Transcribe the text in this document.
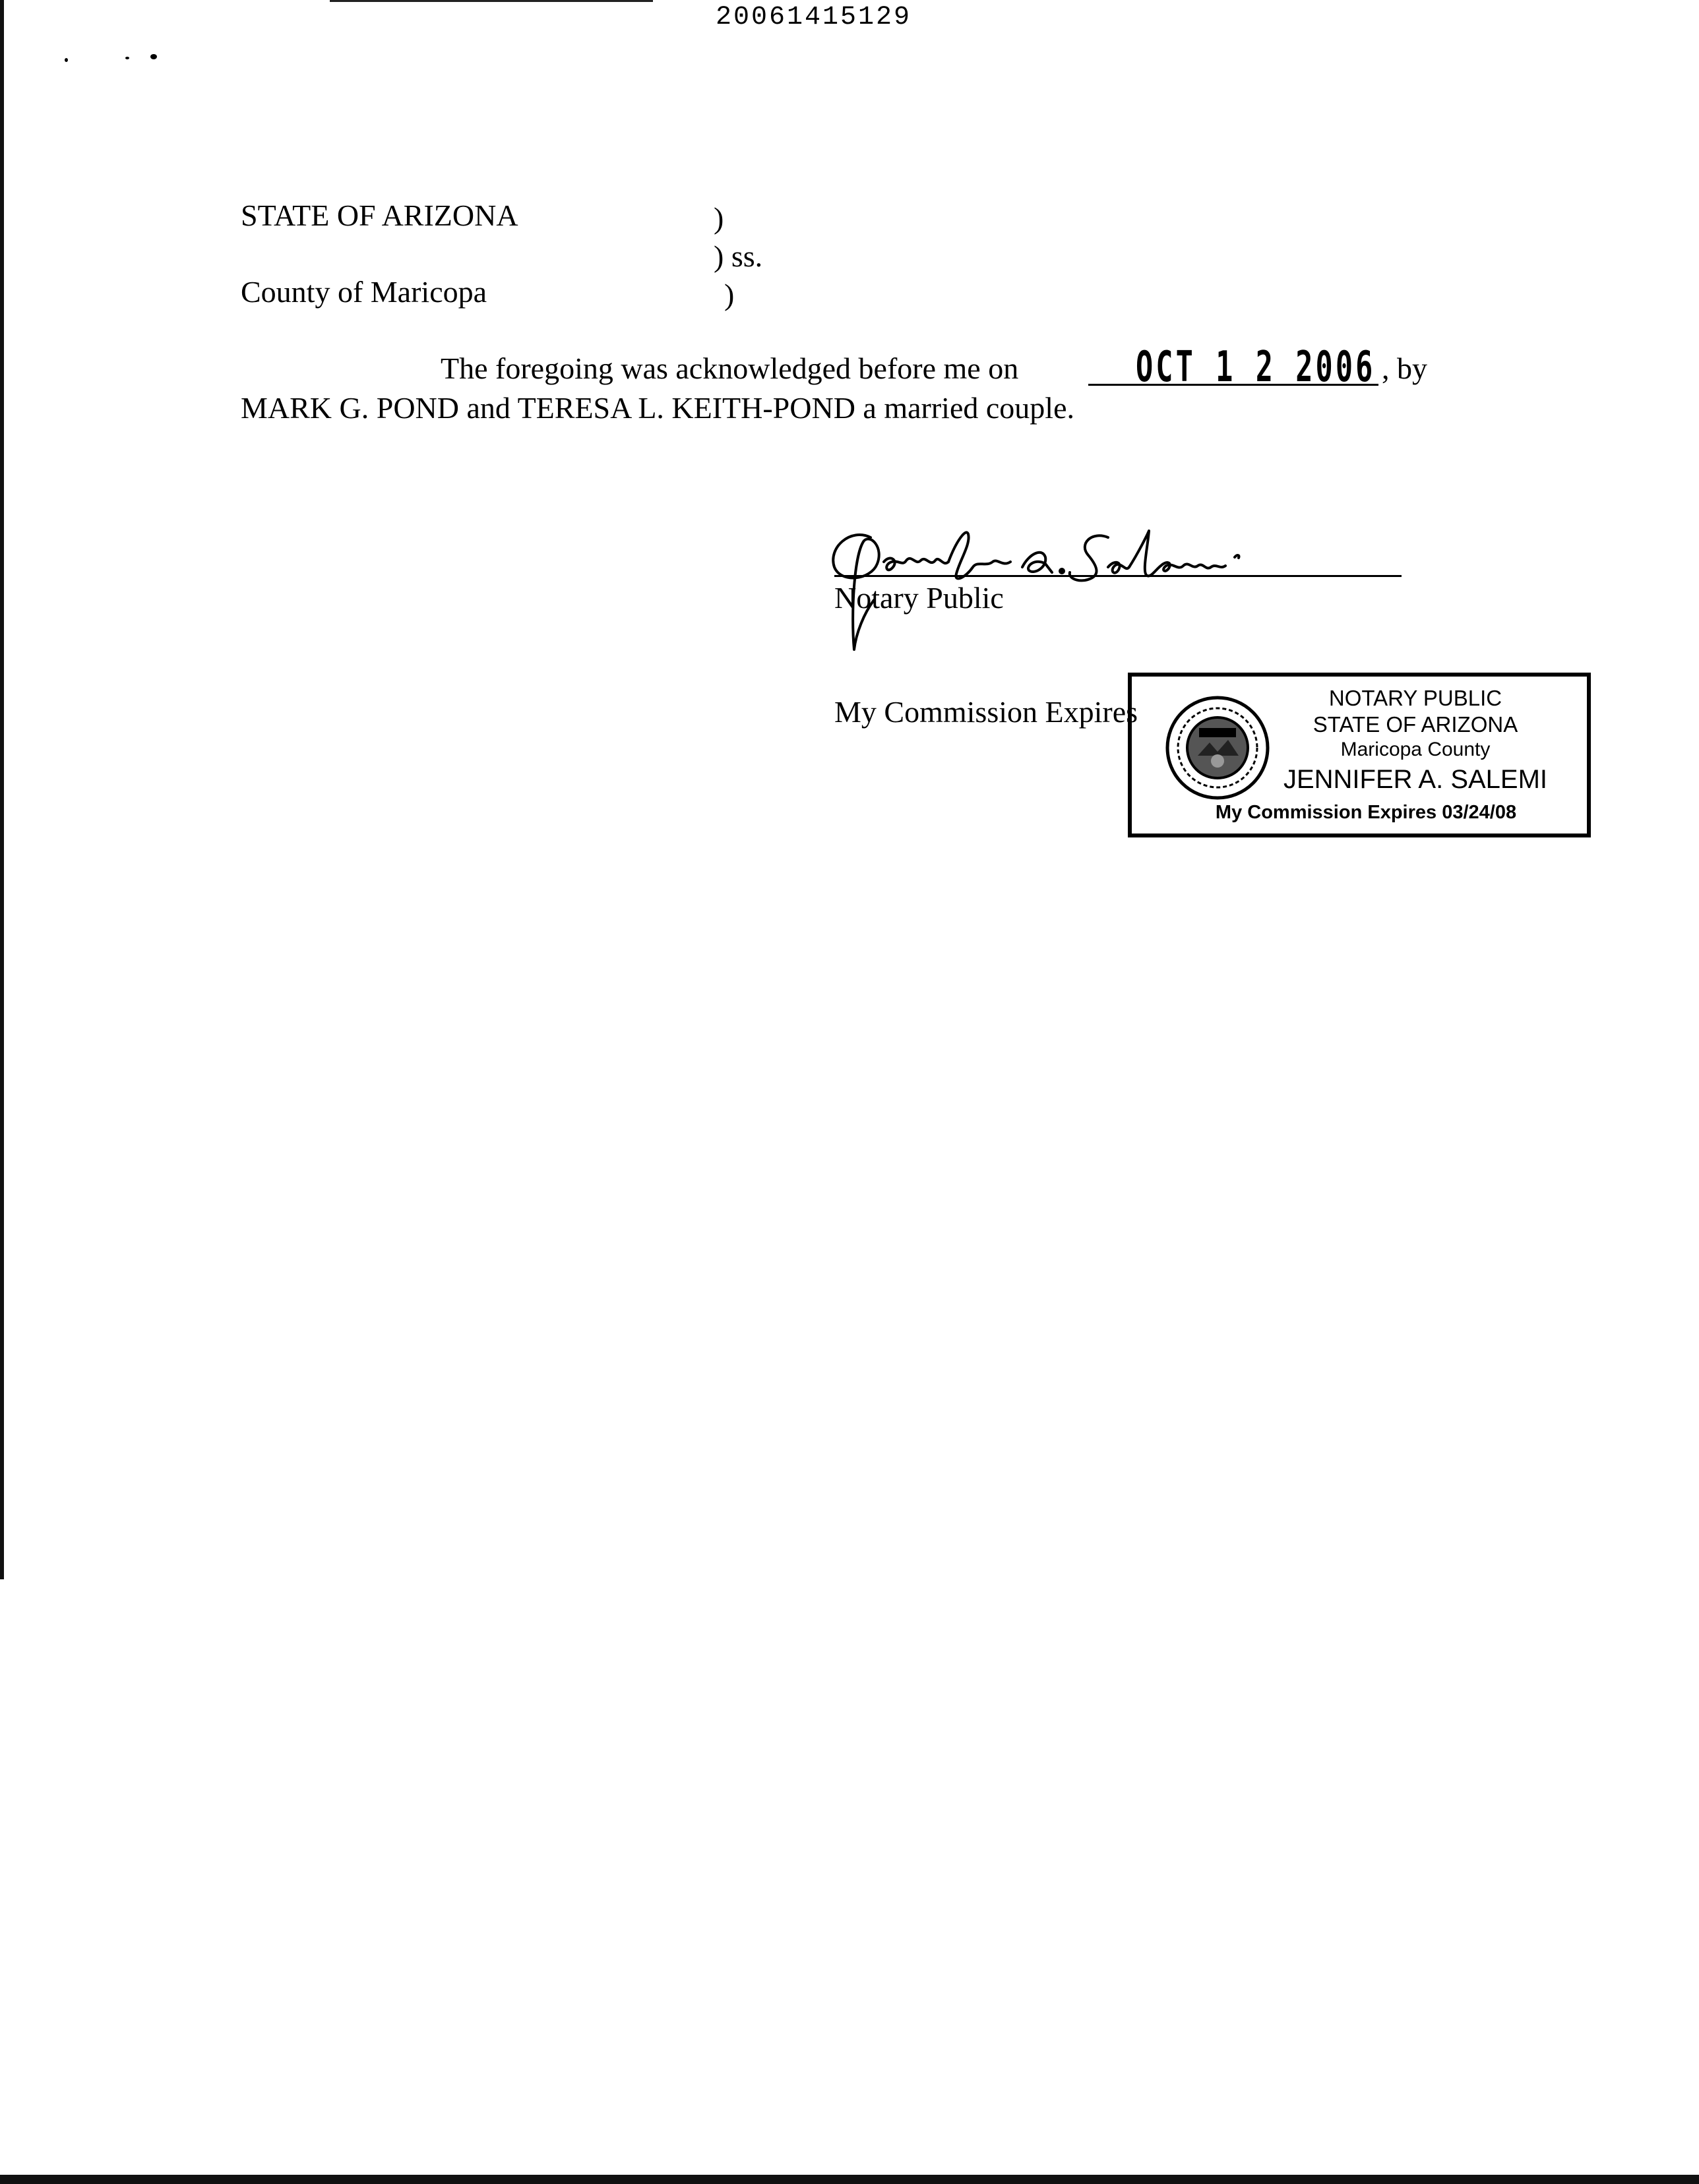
20061415129
STATE OF ARIZONA	)
) ss.
County of Maricopa	)
The foregoing was acknowledged before me on	OCT 1 2 2006 , by
MARK G. POND and TERESA L. KEITH-POND a married couple.
Notary Public
My Commission Expires	NOTARY PUBLIC
STATE OF ARIZONA
Maricopa County
JENNIFER A. SALEMI
My Commission Expires 03/24/08
